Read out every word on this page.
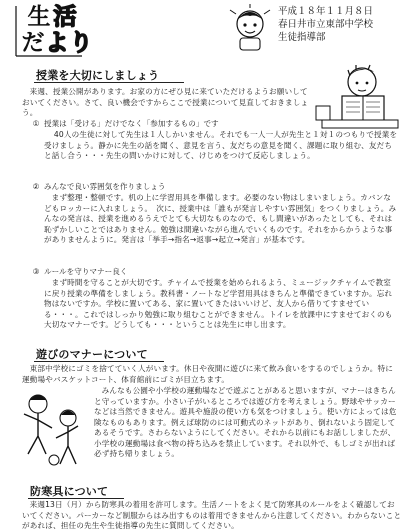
生 活
だ よ り
平成１８年１１月８日
春日井市立東部中学校
生徒指導部
授業を大切にしましょう

来週、授業公開があります。お家の方にぜひ見に来ていただけるようお願いしておいてください。さて、良い機会ですからここで授業について見直しておきましょう。

① 授業は「受ける」だけでなく「参加するもの」です

40人の生徒に対して先生は１人しかいません。それでも一人一人が先生と１対１のつもりで授業を受けましょう。静かに先生の話を聞く、意見を言う、友だちの意見を聞く、課題に取り組む、友だちと話し合う・・・先生の問いかけに対して、けじめをつけて反応しましょう。

② みんなで良い雰囲気を作りましょう

まず整理・整頓です。机の上に学習用具を準備します。必要のない物はしまいましょう。カバンなどもロッカーに入れましょう。　次に、授業中は「誰もが発言しやすい雰囲気」をつくりましょう。みんなの発言は、授業を進めるうえでとても大切なものなので、もし間違いがあったとしても、それは恥ずかしいことではありません。勉強は間違いながら進んでいくものです。それをからかうような事がありませんように。発言は「挙手→指名→返事→起立→発言」が基本です。

③ ルールを守りマナー良く

まず時間を守ることが大切です。チャイムで授業を始められるよう、ミュージックチャイムで教室に戻り授業の準備をしましょう。教科書・ノートなど学習用具はきちんと準備できていますか。忘れ物はないですか。学校に置いてある、家に置いてきたはいいけど、友人から借りてすませている・・・。これではしっかり勉強に取り組むことができません。トイレを放課中にすませておくのも大切なマナーです。どうしても・・・ということは先生に申し出ます。

遊びのマナーについて

東部中学校にゴミを捨てていく人がいます。休日や夜間に遊びに来て飲み食いをするのでしょうか。特に運動場やバスケットコート、体育館前にゴミが目立ちます。

みんなも公園や小学校の運動場などで遊ぶことがあると思いますが、マナーはきちんと守っていますか。小さい子がいるところでは遊び方を考えましょう。野球やサッカーなどは当然できません。遊具や施設の使い方も気をつけましょう。使い方によっては危険なものもあります。例えば球防のには可動式のネットがあり、倒れないよう固定してあるそうです。さわらないようにしてください。それから以前にもお話ししましたが、小学校の運動場は食べ物の持ち込みを禁止しています。それ以外で、もしゴミが出れば必ず持ち帰りましょう。

防寒具について

来週13日（月）から防寒具の着用を許可します。生活ノートをよく見て防寒具のルールをよく確認しておいてください。パーカーなど制服からはみ出すものは着用できませんから注意してください。わからないことがあれば、担任の先生や生徒指導の先生に質問してください。
